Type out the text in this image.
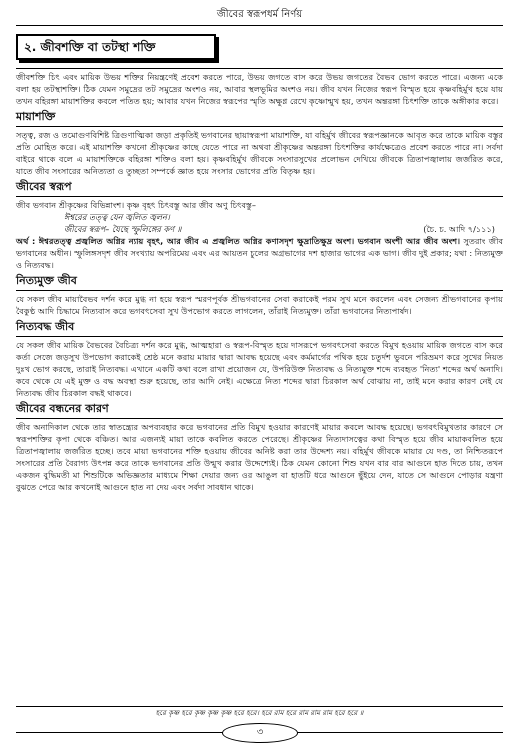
জীবের স্বরূপধর্ম নির্ণয়
২. জীবশক্তি বা তটস্থা শক্তি

জীবশক্তি চিৎ এবং মায়িক উভয় শক্তির নিয়ন্ত্রণেই প্রবেশ করতে পারে, উভয় জগতে বাস করে উভয় জগতের বৈভব ভোগ করতে পারে। এজন্য একে বলা হয় তটস্থাশক্তি। ঠিক যেমন সমুদ্রের তট সমুদ্রের অংশও নয়, আবার স্থলভূমির অংশও নয়। জীব যখন নিজের স্বরূপ বিস্মৃত হয়ে কৃষ্ণবহির্মুখ হয়ে যায় তখন বহিরঙ্গা মায়াশক্তির কবলে পতিত হয়; আবার যখন নিজের স্বরূপের স্মৃতি অক্ষুণ্ণ রেখে কৃষ্ণোন্মুখ হয়, তখন অন্তরঙ্গা চিৎশক্তি তাকে অঙ্গীকার করে।

মায়াশক্তি

সত্ত্ব, রজ ও তমোগুণবিশিষ্ট ত্রিগুণাত্মিকা জড়া প্রকৃতিই ভগবানের ছায়াস্বরূপা মায়াশক্তি, যা বহির্মুখ জীবের স্বরূপজ্ঞানকে আবৃত করে তাকে মায়িক বস্তুর প্রতি মোহিত করে। এই মায়াশক্তি কখনো শ্রীকৃষ্ণের কাছে যেতে পারে না অথবা শ্রীকৃষ্ণের অন্তরঙ্গা চিৎশক্তির কার্যক্ষেত্রেও প্রবেশ করতে পারে না। সর্বদা বাইরে থাকে বলে এ মায়াশক্তিকে বহিরঙ্গা শক্তিও বলা হয়। কৃষ্ণবহির্মুখ জীবকে সংসারসুখের প্রলোভন দেখিয়ে জীবকে ত্রিতাপজ্বালায় জর্জরিত করে, যাতে জীব সংসারের অনিত্যতা ও তুচ্ছতা সম্পর্কে জ্ঞাত হয়ে সংসার ভোগের প্রতি বিতৃষ্ণ হয়।

জীবের স্বরূপ

জীব ভগবান শ্রীকৃষ্ণের বিভিন্নাংশ। কৃষ্ণ বৃহৎ চিৎবস্তু আর জীব অণু চিৎবস্তু–

ঈশ্বরের তত্ত্ব যেন জ্বলিত জ্বলন।
জীবের স্বরূপ– যৈছে স্ফুলিঙ্গের কণ ॥	(চৈ. চ. আদি ৭/১১১)

অর্থ : ঈশ্বরতত্ত্ব প্রজ্বলিত অগ্নির ন্যায় বৃহৎ, আর জীব এ প্রজ্বলিত অগ্নির কণাসদৃশ ক্ষুদ্রাতিক্ষুদ্র অংশ। ভগবান অংশী আর জীব অংশ। সুতরাং জীব ভগবানের অধীন। স্ফুলিঙ্গসদৃশ জীব সংখ্যায় অপরিমেয় এবং এর আয়তন চুলের অগ্রভাগের দশ হাজার ভাগের এক ভাগ। জীব দুই প্রকার; যথা : নিত্যমুক্ত ও নিত্যবদ্ধ।

নিত্যমুক্ত জীব

যে সকল জীব মায়াবৈভব দর্শন করে মুগ্ধ না হয়ে স্বরূপ স্মরণপূর্বক শ্রীভগবানের সেবা করাকেই পরম সুখ মনে করলেন এবং সেজন্য শ্রীভগবানের কৃপায় বৈকুণ্ঠ আদি চিদ্ধামে নিত্যবাস করে ভগবৎসেবা সুখ উপভোগ করতে লাগলেন, তাঁরাই নিত্যমুক্ত। তাঁরা ভগবানের নিত্যপার্ষদ।

নিত্যবদ্ধ জীব

যে সকল জীব মায়িক বৈভবের বৈচিত্র্য দর্শন করে মুগ্ধ, আত্মহারা ও স্বরূপ-বিস্মৃত হয়ে দাসরূপে ভগবৎসেবা করতে বিমুখ হওয়ায় মায়িক জগতে বাস করে কর্তা সেজে জড়সুখ উপভোগ করাকেই শ্রেষ্ঠ মনে করায় মায়ার দ্বারা আবদ্ধ হয়েছে এবং কর্মমার্গের পথিক হয়ে চতুর্দশ ভুবনে পরিভ্রমণ করে সুখের নিয়ত দুঃখ ভোগ করছে, তারাই নিত্যবদ্ধ। এখানে একটি কথা বলে রাখা প্রয়োজন যে, উপরিউক্ত নিত্যবদ্ধ ও নিত্যমুক্ত শব্দে ব্যবহৃত 'নিত্য' শব্দের অর্থ অনাদি। কবে থেকে যে এই মুক্ত ও বদ্ধ অবস্থা শুরু হয়েছে, তার আদি নেই। এক্ষেত্রে নিত্য শব্দের দ্বারা চিরকাল অর্থ বোঝায় না, তাই মনে করার কারণ নেই যে নিত্যবদ্ধ জীব চিরকাল বদ্ধই থাকবে।

জীবের বন্ধনের কারণ

জীব অনাদিকাল থেকে তার স্বাতন্ত্র্যের অপব্যবহার করে ভগবানের প্রতি বিমুখ হওয়ার কারণেই মায়ার কবলে আবদ্ধ হয়েছে। ভগবৎবিমুখতার কারণে সে স্বরূপশক্তির কৃপা থেকে বঞ্চিত। আর এজন্যই মায়া তাকে কবলিত করতে পেরেছে। শ্রীকৃষ্ণের নিত্যদাসত্বের কথা বিস্মৃত হয়ে জীব মায়াকবলিত হয়ে ত্রিতাপজ্বালায় জর্জরিত হচ্ছে। তবে মায়া ভগবানের শক্তি হওয়ায় জীবের অনিষ্ট করা তার উদ্দেশ্য নয়। বহির্মুখ জীবকে মায়ার যে দণ্ড, তা নিশ্চিতরূপে সংসারের প্রতি বৈরাগ্য উৎপন্ন করে তাকে ভগবানের প্রতি উন্মুখ করার উদ্দেশ্যেই। ঠিক যেমন কোনো শিশু যখন বার বার আগুনে হাত দিতে চায়, তখন একজন বুদ্ধিমতী মা শিশুটিকে অভিজ্ঞতার মাধ্যমে শিক্ষা দেয়ার জন্য ওর আঙুল বা হাতটি ধরে আগুনে ছুঁইয়ে দেন, যাতে সে আগুনে পোড়ার যন্ত্রণা বুঝতে পেরে আর কখনোই আগুনে হাত না দেয় এবং সর্বদা সাবধান থাকে।

হরে কৃষ্ণ হরে কৃষ্ণ কৃষ্ণ কৃষ্ণ হরে হরে। হরে রাম হরে রাম রাম রাম হরে হরে ॥
৩
